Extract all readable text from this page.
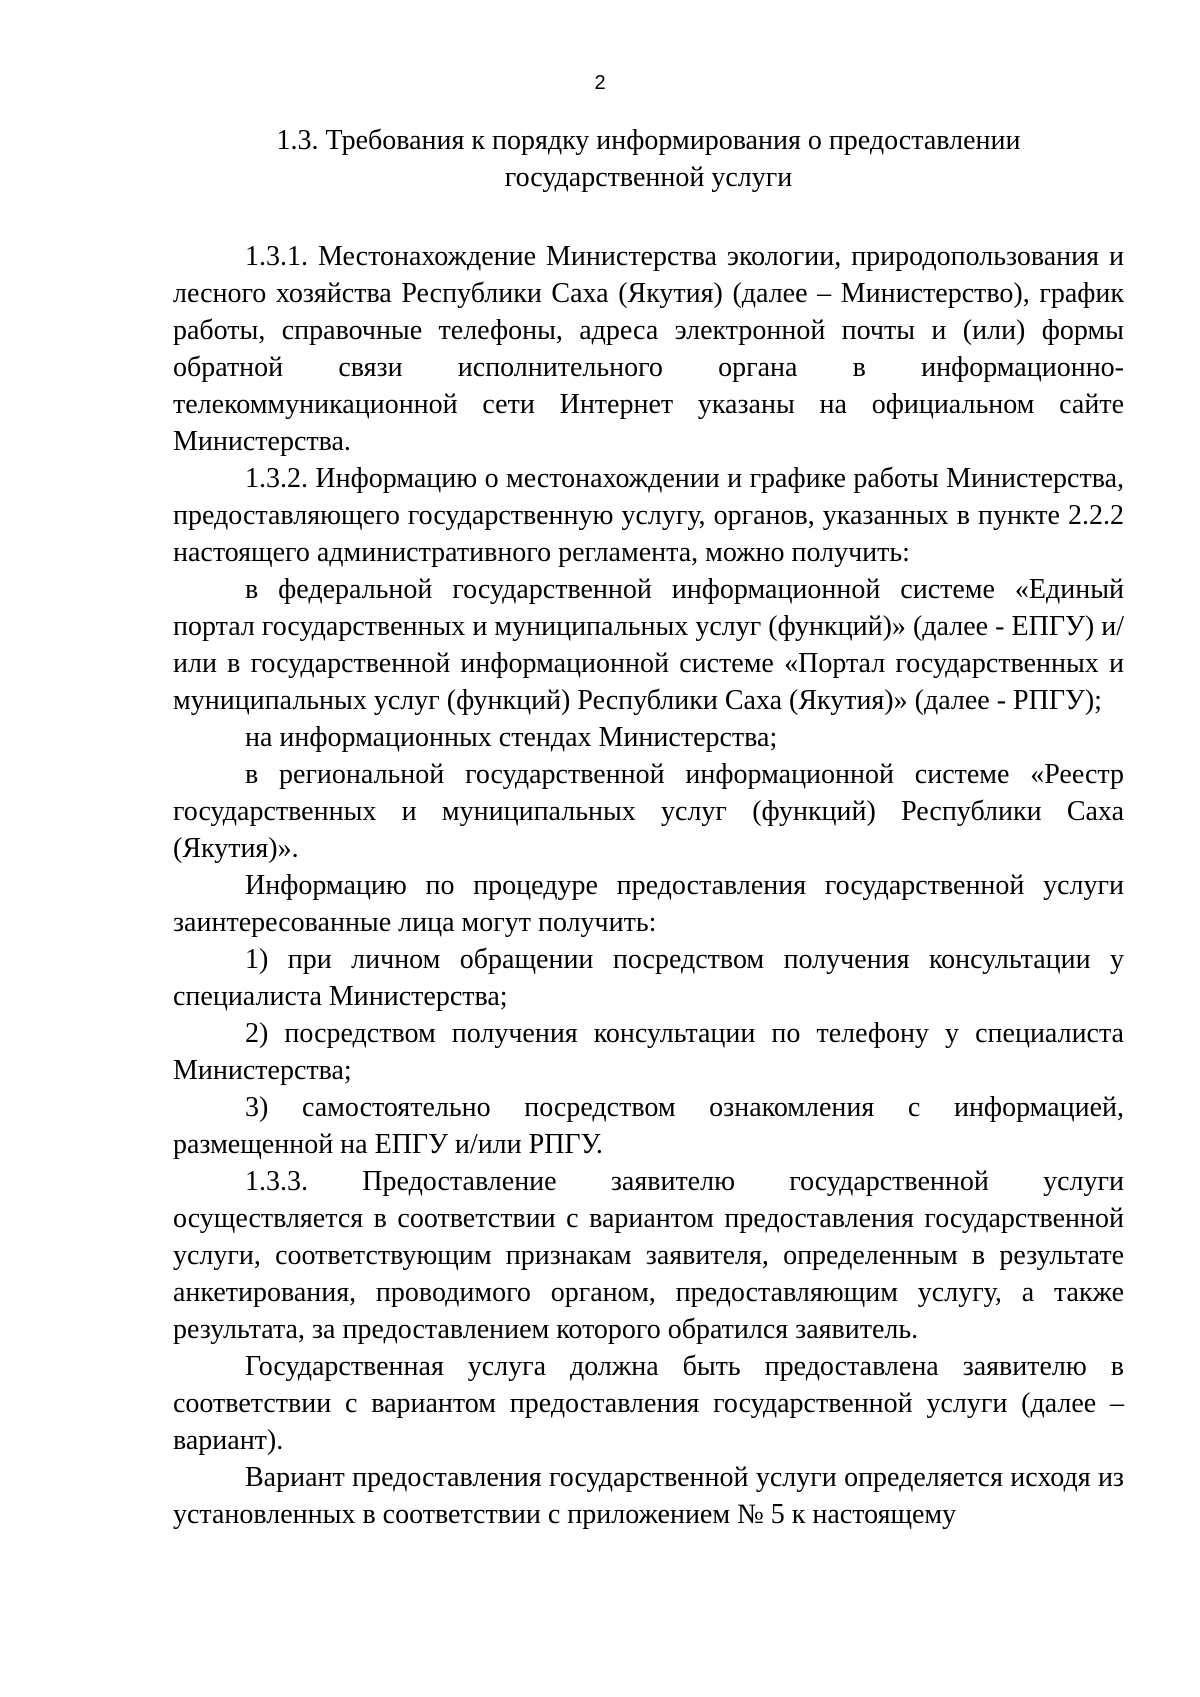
2
1.3. Требования к порядку информирования о предоставлении
государственной услуги

1.3.1. Местонахождение Министерства экологии, природопользования и лесного хозяйства Республики Саха (Якутия) (далее – Министерство), график работы, справочные телефоны, адреса электронной почты и (или) формы обратной связи исполнительного органа в информационно-телекоммуникационной сети Интернет указаны на официальном сайте Министерства.

1.3.2. Информацию о местонахождении и графике работы Министерства, предоставляющего государственную услугу, органов, указанных в пункте 2.2.2 настоящего административного регламента, можно получить:

в федеральной государственной информационной системе «Единый портал государственных и муниципальных услуг (функций)» (далее - ЕПГУ) и/или в государственной информационной системе «Портал государственных и муниципальных услуг (функций) Республики Саха (Якутия)» (далее - РПГУ);

на информационных стендах Министерства;

в региональной государственной информационной системе «Реестр государственных и муниципальных услуг (функций) Республики Саха (Якутия)».

Информацию по процедуре предоставления государственной услуги заинтересованные лица могут получить:

1) при личном обращении посредством получения консультации у специалиста Министерства;

2) посредством получения консультации по телефону у специалиста Министерства;

3) самостоятельно посредством ознакомления с информацией, размещенной на ЕПГУ и/или РПГУ.

1.3.3. Предоставление заявителю государственной услуги осуществляется в соответствии с вариантом предоставления государственной услуги, соответствующим признакам заявителя, определенным в результате анкетирования, проводимого органом, предоставляющим услугу, а также результата, за предоставлением которого обратился заявитель.

Государственная услуга должна быть предоставлена заявителю в соответствии с вариантом предоставления государственной услуги (далее – вариант).

Вариант предоставления государственной услуги определяется исходя из установленных в соответствии с приложением № 5 к настоящему
